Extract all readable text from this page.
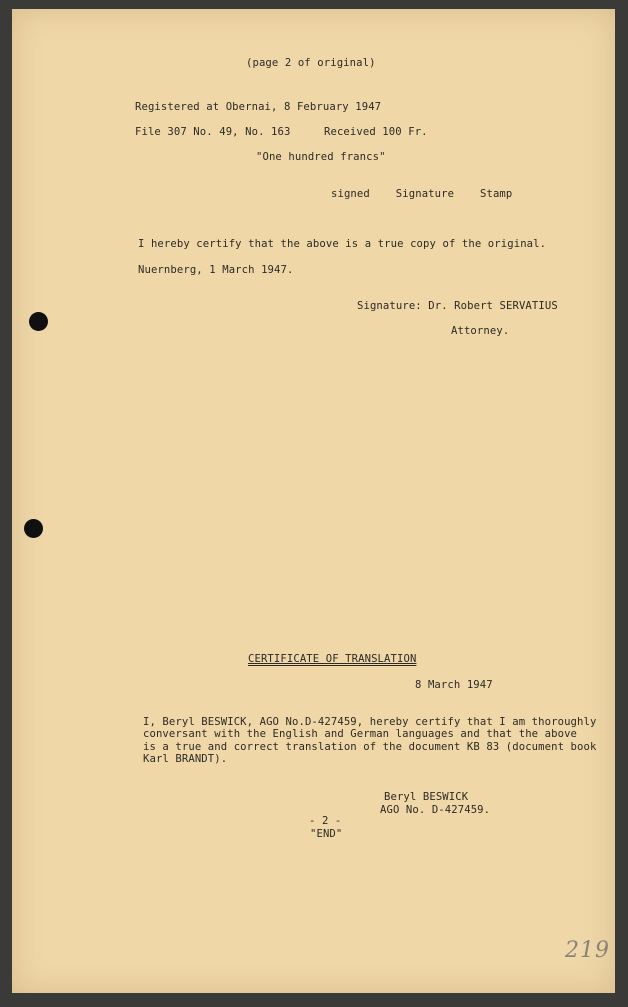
(page 2 of original)
Registered at Obernai, 8 February 1947
File 307 No. 49, No. 163	Received 100 Fr.
"One hundred francs"
signed    Signature    Stamp
I hereby certify that the above is a true copy of the original.
Nuernberg, 1 March 1947.
Signature: Dr. Robert SERVATIUS
Attorney.
CERTIFICATE OF TRANSLATION
8 March 1947
I, Beryl BESWICK, AGO No.D-427459, hereby certify that I am thoroughly
conversant with the English and German languages and that the above
is a true and correct translation of the document KB 83 (document book
Karl BRANDT).
Beryl BESWICK
AGO No. D-427459.
- 2 -
"END"
219
